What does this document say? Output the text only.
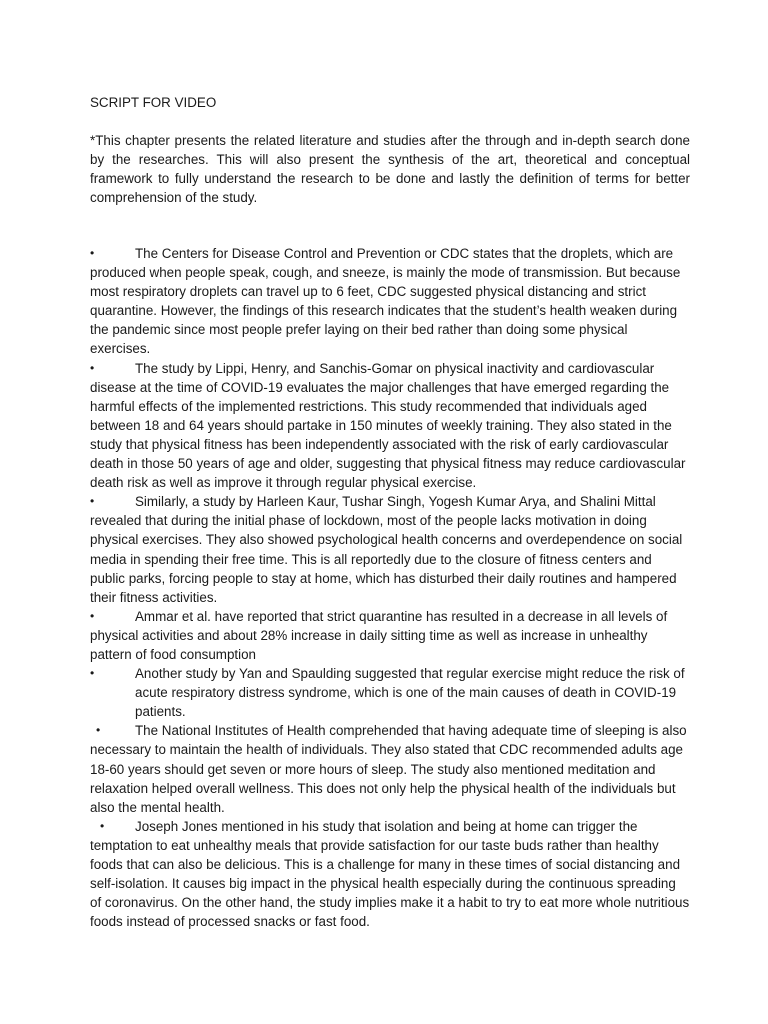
SCRIPT FOR VIDEO

*This chapter presents the related literature and studies after the through and in-depth search done by the researches. This will also present the synthesis of the art, theoretical and conceptual framework to fully understand the research to be done and lastly the definition of terms for better comprehension of the study.

•	The Centers for Disease Control and Prevention or CDC states that the droplets, which are produced when people speak, cough, and sneeze, is mainly the mode of transmission. But because most respiratory droplets can travel up to 6 feet, CDC suggested physical distancing and strict quarantine. However, the findings of this research indicates that the student’s health weaken during the pandemic since most people prefer laying on their bed rather than doing some physical exercises.
•	The study by Lippi, Henry, and Sanchis-Gomar on physical inactivity and cardiovascular disease at the time of COVID-19 evaluates the major challenges that have emerged regarding the harmful effects of the implemented restrictions. This study recommended that individuals aged between 18 and 64 years should partake in 150 minutes of weekly training. They also stated in the study that physical fitness has been independently associated with the risk of early cardiovascular death in those 50 years of age and older, suggesting that physical fitness may reduce cardiovascular death risk as well as improve it through regular physical exercise.
•	Similarly, a study by Harleen Kaur, Tushar Singh, Yogesh Kumar Arya, and Shalini Mittal revealed that during the initial phase of lockdown, most of the people lacks motivation in doing physical exercises. They also showed psychological health concerns and overdependence on social media in spending their free time. This is all reportedly due to the closure of fitness centers and public parks, forcing people to stay at home, which has disturbed their daily routines and hampered their fitness activities.
•	Ammar et al. have reported that strict quarantine has resulted in a decrease in all levels of physical activities and about 28% increase in daily sitting time as well as increase in unhealthy pattern of food consumption
•	Another study by Yan and Spaulding suggested that regular exercise might reduce the risk of acute respiratory distress syndrome, which is one of the main causes of death in COVID-19 patients.
•	The National Institutes of Health comprehended that having adequate time of sleeping is also necessary to maintain the health of individuals. They also stated that CDC recommended adults age 18-60 years should get seven or more hours of sleep. The study also mentioned meditation and relaxation helped overall wellness. This does not only help the physical health of the individuals but also the mental health.
• Joseph Jones mentioned in his study that isolation and being at home can trigger the temptation to eat unhealthy meals that provide satisfaction for our taste buds rather than healthy foods that can also be delicious. This is a challenge for many in these times of social distancing and self-isolation. It causes big impact in the physical health especially during the continuous spreading of coronavirus. On the other hand, the study implies make it a habit to try to eat more whole nutritious foods instead of processed snacks or fast food.
